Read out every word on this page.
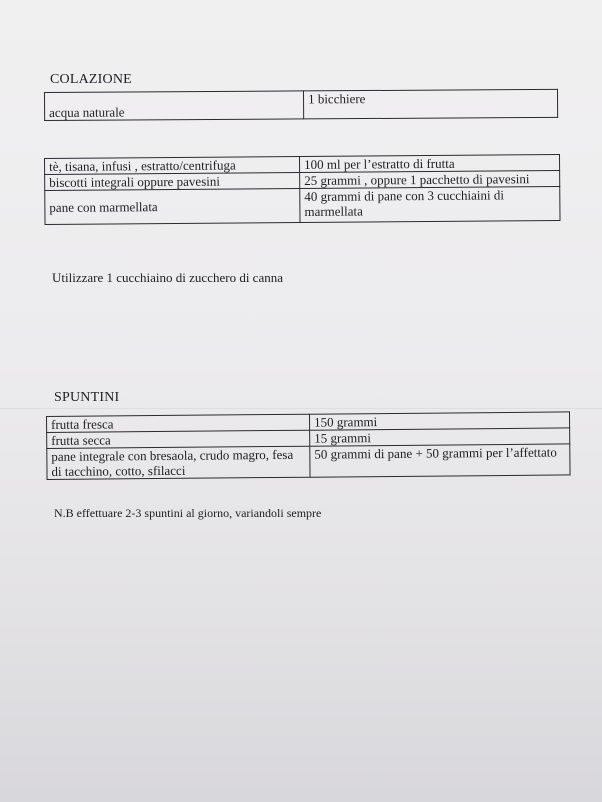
COLAZIONE
acqua naturale	1 bicchiere
tè, tisana, infusi , estratto/centrifuga	100 ml per l’estratto di frutta
biscotti integrali oppure pavesini	25 grammi , oppure 1 pacchetto di pavesini
pane con marmellata	40 grammi di pane con 3 cucchiaini di marmellata
Utilizzare 1 cucchiaino di zucchero di canna
SPUNTINI
frutta fresca	150 grammi
frutta secca	15 grammi
pane integrale con bresaola, crudo magro, fesa di tacchino, cotto, sfilacci	50 grammi di pane + 50 grammi per l’affettato
N.B effettuare 2-3 spuntini al giorno, variandoli sempre
